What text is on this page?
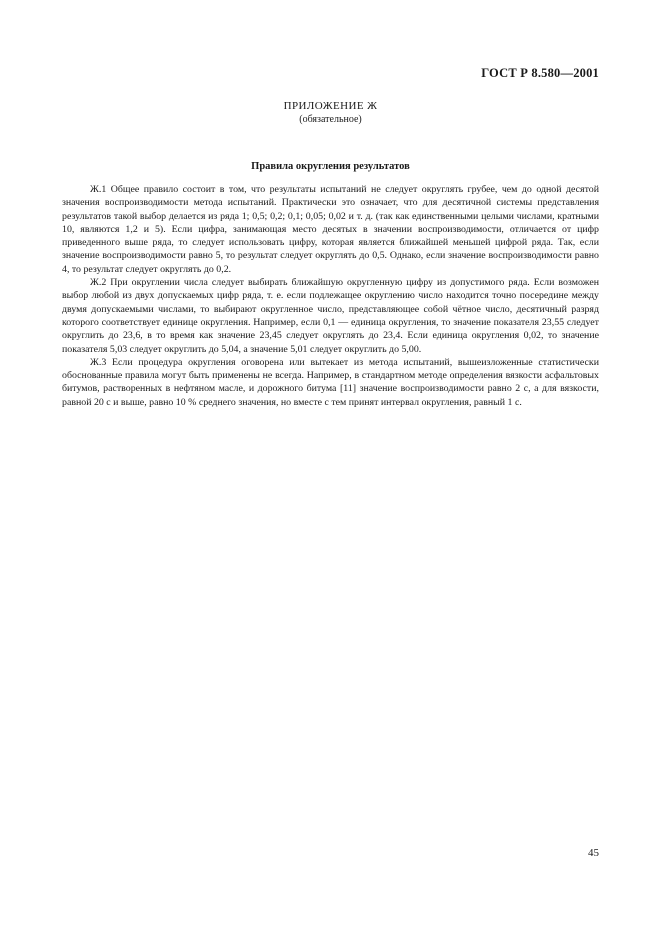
ГОСТ Р 8.580—2001
ПРИЛОЖЕНИЕ Ж
(обязательное)
Правила округления результатов

Ж.1 Общее правило состоит в том, что результаты испытаний не следует округлять грубее, чем до одной десятой значения воспроизводимости метода испытаний. Практически это означает, что для десятичной системы представления результатов такой выбор делается из ряда 1; 0,5; 0,2; 0,1; 0,05; 0,02 и т. д. (так как единственными целыми числами, кратными 10, являются 1,2 и 5). Если цифра, занимающая место десятых в значении воспроизводимости, отличается от цифр приведенного выше ряда, то следует использовать цифру, которая является ближайшей меньшей цифрой ряда. Так, если значение воспроизводимости равно 5, то результат следует округлять до 0,5. Однако, если значение воспроизводимости равно 4, то результат следует округлять до 0,2.

Ж.2 При округлении числа следует выбирать ближайшую округленную цифру из допустимого ряда. Если возможен выбор любой из двух допускаемых цифр ряда, т. е. если подлежащее округлению число находится точно посередине между двумя допускаемыми числами, то выбирают округленное число, представляющее собой чётное число, десятичный разряд которого соответствует единице округления. Например, если 0,1 — единица округления, то значение показателя 23,55 следует округлить до 23,6, в то время как значение 23,45 следует округлять до 23,4. Если единица округления 0,02, то значение показателя 5,03 следует округлить до 5,04, а значение 5,01 следует округлить до 5,00.

Ж.3 Если процедура округления оговорена или вытекает из метода испытаний, вышеизложенные статистически обоснованные правила могут быть применены не всегда. Например, в стандартном методе определения вязкости асфальтовых битумов, растворенных в нефтяном масле, и дорожного битума [11] значение воспроизводимости равно 2 с, а для вязкости, равной 20 с и выше, равно 10 % среднего значения, но вместе с тем принят интервал округления, равный 1 с.

45
